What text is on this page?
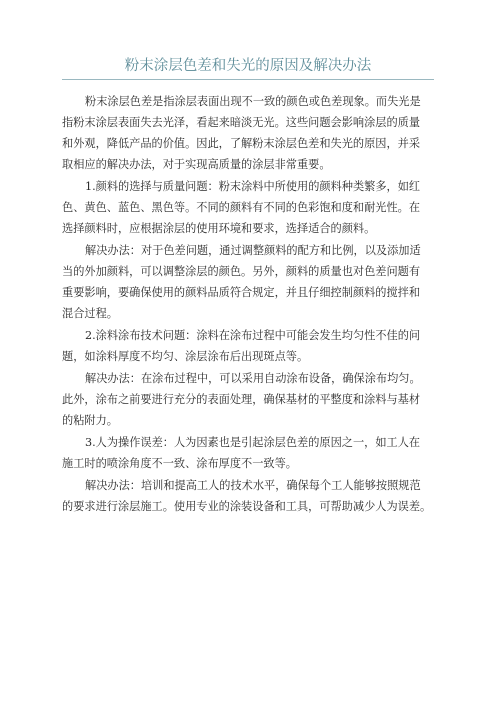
粉末涂层色差和失光的原因及解决办法
粉末涂层色差是指涂层表面出现不一致的颜色或色差现象。而失光是
指粉末涂层表面失去光泽，看起来暗淡无光。这些问题会影响涂层的质量
和外观，降低产品的价值。因此，了解粉末涂层色差和失光的原因，并采
取相应的解决办法，对于实现高质量的涂层非常重要。
1.颜料的选择与质量问题：粉末涂料中所使用的颜料种类繁多，如红
色、黄色、蓝色、黑色等。不同的颜料有不同的色彩饱和度和耐光性。在
选择颜料时，应根据涂层的使用环境和要求，选择适合的颜料。
解决办法：对于色差问题，通过调整颜料的配方和比例，以及添加适
当的外加颜料，可以调整涂层的颜色。另外，颜料的质量也对色差问题有
重要影响，要确保使用的颜料品质符合规定，并且仔细控制颜料的搅拌和
混合过程。
2.涂料涂布技术问题：涂料在涂布过程中可能会发生均匀性不佳的问
题，如涂料厚度不均匀、涂层涂布后出现斑点等。
解决办法：在涂布过程中，可以采用自动涂布设备，确保涂布均匀。
此外，涂布之前要进行充分的表面处理，确保基材的平整度和涂料与基材
的粘附力。
3.人为操作误差：人为因素也是引起涂层色差的原因之一，如工人在
施工时的喷涂角度不一致、涂布厚度不一致等。
解决办法：培训和提高工人的技术水平，确保每个工人能够按照规范
的要求进行涂层施工。使用专业的涂装设备和工具，可帮助减少人为误差。
